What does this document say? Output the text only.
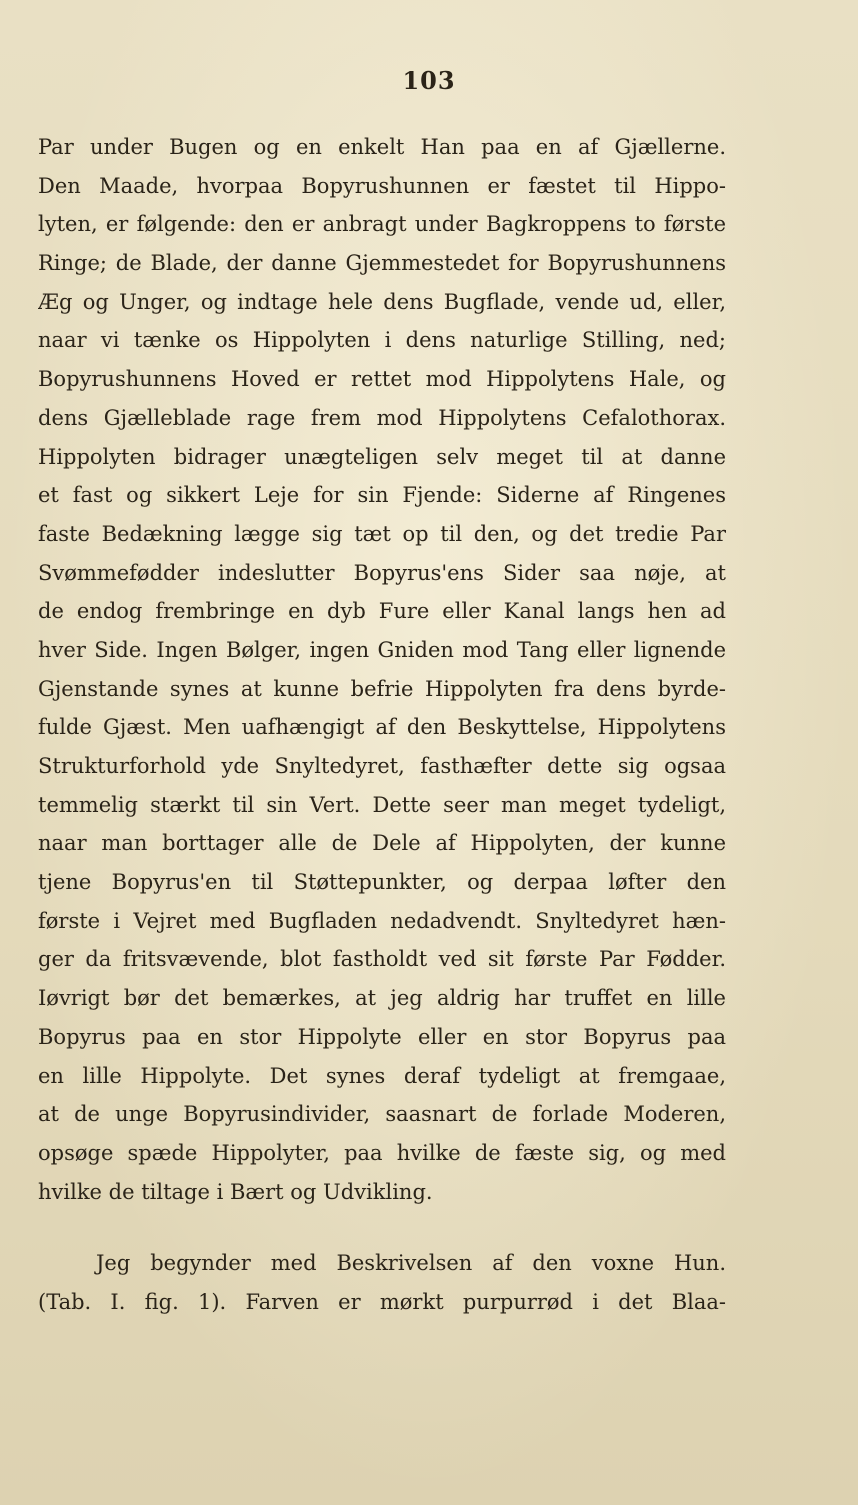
103
Par under Bugen og en enkelt Han paa en af Gjællerne.
Den Maade, hvorpaa Bopyrushunnen er fæstet til Hippo-
lyten, er følgende: den er anbragt under Bagkroppens to første
Ringe; de Blade, der danne Gjemmestedet for Bopyrushunnens
Æg og Unger, og indtage hele dens Bugflade, vende ud, eller,
naar vi tænke os Hippolyten i dens naturlige Stilling, ned;
Bopyrushunnens Hoved er rettet mod Hippolytens Hale, og
dens Gjælleblade rage frem mod Hippolytens Cefalothorax.
Hippolyten bidrager unægteligen selv meget til at danne
et fast og sikkert Leje for sin Fjende: Siderne af Ringenes
faste Bedækning lægge sig tæt op til den, og det tredie Par
Svømmefødder indeslutter Bopyrus'ens Sider saa nøje, at
de endog frembringe en dyb Fure eller Kanal langs hen ad
hver Side. Ingen Bølger, ingen Gniden mod Tang eller lignende
Gjenstande synes at kunne befrie Hippolyten fra dens byrde-
fulde Gjæst. Men uafhængigt af den Beskyttelse, Hippolytens
Strukturforhold yde Snyltedyret, fasthæfter dette sig ogsaa
temmelig stærkt til sin Vert. Dette seer man meget tydeligt,
naar man borttager alle de Dele af Hippolyten, der kunne
tjene Bopyrus'en til Støttepunkter, og derpaa løfter den
første i Vejret med Bugfladen nedadvendt. Snyltedyret hæn-
ger da fritsvævende, blot fastholdt ved sit første Par Fødder.
Iøvrigt bør det bemærkes, at jeg aldrig har truffet en lille
Bopyrus paa en stor Hippolyte eller en stor Bopyrus paa
en lille Hippolyte. Det synes deraf tydeligt at fremgaae,
at de unge Bopyrusindivider, saasnart de forlade Moderen,
opsøge spæde Hippolyter, paa hvilke de fæste sig, og med
hvilke de tiltage i Bært og Udvikling.
Jeg begynder med Beskrivelsen af den voxne Hun.
(Tab. I. fig. 1). Farven er mørkt purpurrød i det Blaa-
